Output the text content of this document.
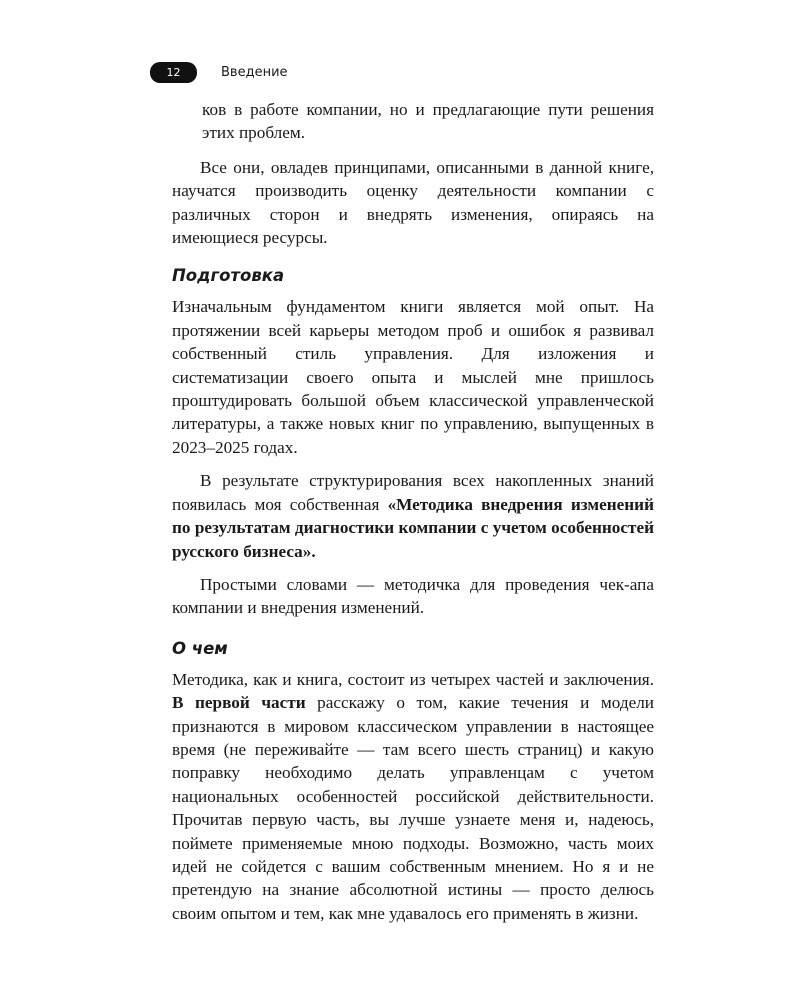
12	Введение

ков в работе компании, но и предлагающие пути решения этих проблем.

Все они, овладев принципами, описанными в данной книге, научатся производить оценку деятельности компании с различных сторон и внедрять изменения, опираясь на имеющиеся ресурсы.

Подготовка

Изначальным фундаментом книги является мой опыт. На протяжении всей карьеры методом проб и ошибок я развивал собственный стиль управления. Для изложения и систематизации своего опыта и мыслей мне пришлось проштудировать большой объем классической управленческой литературы, а также новых книг по управлению, выпущенных в 2023–2025 годах.

В результате структурирования всех накопленных знаний появилась моя собственная «Методика внедрения изменений по результатам диагностики компании с учетом особенностей русского бизнеса».

Простыми словами — методичка для проведения чек-апа компании и внедрения изменений.

О чем

Методика, как и книга, состоит из четырех частей и заключения. В первой части расскажу о том, какие течения и модели признаются в мировом классическом управлении в настоящее время (не переживайте — там всего шесть страниц) и какую поправку необходимо делать управленцам с учетом национальных особенностей российской действительности. Прочитав первую часть, вы лучше узнаете меня и, надеюсь, поймете применяемые мною подходы. Возможно, часть моих идей не сойдется с вашим собственным мнением. Но я и не претендую на знание абсолютной истины — просто делюсь своим опытом и тем, как мне удавалось его применять в жизни.
